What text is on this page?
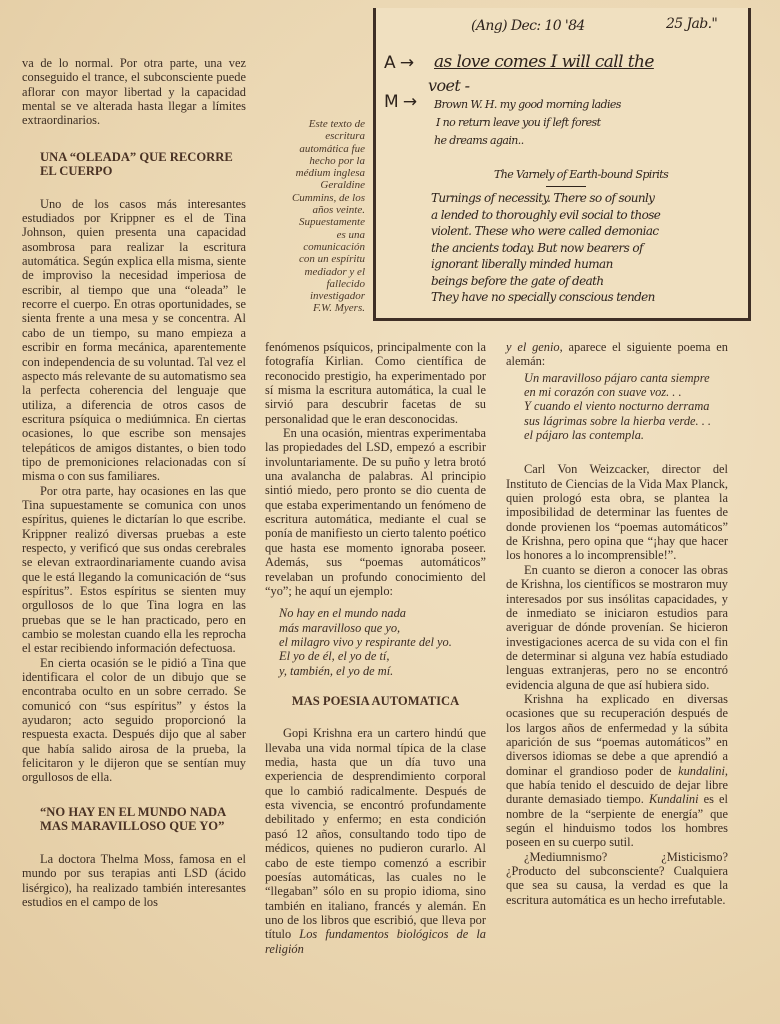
(Ang) Dec: 10 '84	25 Jab."
A → as love comes I will call the
voet -
M → Brown W. H. my good morning ladies
I no return leave you if left forest
he dreams again..
The Varnely of Earth-bound Spirits
Turnings of necessity. There so of sounly
a lended to thoroughly evil social to those
violent. These who were called demoniac
the ancients today. But now bearers of
ignorant liberally minded human
beings before the gate of death
They have no specially conscious tenden
Este texto de escritura automática fue hecho por la médium inglesa Geraldine Cummins, de los años veinte. Supuestamente es una comunicación con un espíritu mediador y el fallecido investigador F.W. Myers.

va de lo normal. Por otra parte, una vez conseguido el trance, el subconsciente puede aflorar con mayor libertad y la capacidad mental se ve alterada hasta llegar a límites extraordinarios.

UNA “OLEADA” QUE RECORRE EL CUERPO

Uno de los casos más interesantes estudiados por Krippner es el de Tina Johnson, quien presenta una capacidad asombrosa para realizar la escritura automática. Según explica ella misma, siente de improviso la necesidad imperiosa de escribir, al tiempo que una “oleada” le recorre el cuerpo. En otras oportunidades, se sienta frente a una mesa y se concentra. Al cabo de un tiempo, su mano empieza a escribir en forma mecánica, aparentemente con independencia de su voluntad. Tal vez el aspecto más relevante de su automatismo sea la perfecta coherencia del lenguaje que utiliza, a diferencia de otros casos de escritura psíquica o mediúmnica. En ciertas ocasiones, lo que escribe son mensajes telepáticos de amigos distantes, o bien todo tipo de premoniciones relacionadas con sí misma o con sus familiares.

Por otra parte, hay ocasiones en las que Tina supuestamente se comunica con unos espíritus, quienes le dictarían lo que escribe. Krippner realizó diversas pruebas a este respecto, y verificó que sus ondas cerebrales se elevan extraordinariamente cuando avisa que le está llegando la comunicación de “sus espíritus”. Estos espíritus se sienten muy orgullosos de lo que Tina logra en las pruebas que se le han practicado, pero en cambio se molestan cuando ella les reprocha el estar recibiendo información defectuosa.

En cierta ocasión se le pidió a Tina que identificara el color de un dibujo que se encontraba oculto en un sobre cerrado. Se comunicó con “sus espíritus” y éstos la ayudaron; acto seguido proporcionó la respuesta exacta. Después dijo que al saber que había salido airosa de la prueba, la felicitaron y le dijeron que se sentían muy orgullosos de ella.

“NO HAY EN EL MUNDO NADA MAS MARAVILLOSO QUE YO”

La doctora Thelma Moss, famosa en el mundo por sus terapias anti LSD (ácido lisérgico), ha realizado también interesantes estudios en el campo de los

fenómenos psíquicos, principalmente con la fotografía Kirlian. Como científica de reconocido prestigio, ha experimentado por sí misma la escritura automática, la cual le sirvió para descubrir facetas de su personalidad que le eran desconocidas.

En una ocasión, mientras experimentaba las propiedades del LSD, empezó a escribir involuntariamente. De su puño y letra brotó una avalancha de palabras. Al principio sintió miedo, pero pronto se dio cuenta de que estaba experimentando un fenómeno de escritura automática, mediante el cual se ponía de manifiesto un cierto talento poético que hasta ese momento ignoraba poseer. Además, sus “poemas automáticos” revelaban un profundo conocimiento del “yo”; he aquí un ejemplo:

No hay en el mundo nada
más maravilloso que yo,
el milagro vivo y respirante del yo.
El yo de él, el yo de tí,
y, también, el yo de mí.
MAS POESIA AUTOMATICA

Gopi Krishna era un cartero hindú que llevaba una vida normal típica de la clase media, hasta que un día tuvo una experiencia de desprendimiento corporal que lo cambió radicalmente. Después de esta vivencia, se encontró profundamente debilitado y enfermo; en esta condición pasó 12 años, consultando todo tipo de médicos, quienes no pudieron curarlo. Al cabo de este tiempo comenzó a escribir poesías automáticas, las cuales no le “llegaban” sólo en su propio idioma, sino también en italiano, francés y alemán. En uno de los libros que escribió, que lleva por título Los fundamentos biológicos de la religión

y el genio, aparece el siguiente poema en alemán:

Un maravilloso pájaro canta siempre
en mi corazón con suave voz. . .
Y cuando el viento nocturno derrama
sus lágrimas sobre la hierba verde. . .
el pájaro las contempla.

Carl Von Weizcacker, director del Instituto de Ciencias de la Vida Max Planck, quien prologó esta obra, se plantea la imposibilidad de determinar las fuentes de donde provienen los “poemas automáticos” de Krishna, pero opina que “¡hay que hacer los honores a lo incomprensible!”.

En cuanto se dieron a conocer las obras de Krishna, los científicos se mostraron muy interesados por sus insólitas capacidades, y de inmediato se iniciaron estudios para averiguar de dónde provenían. Se hicieron investigaciones acerca de su vida con el fin de determinar si alguna vez había estudiado lenguas extranjeras, pero no se encontró evidencia alguna de que así hubiera sido.

Krishna ha explicado en diversas ocasiones que su recuperación después de los largos años de enfermedad y la súbita aparición de sus “poemas automáticos” en diversos idiomas se debe a que aprendió a dominar el grandioso poder de kundalini, que había tenido el descuido de dejar libre durante demasiado tiempo. Kundalini es el nombre de la “serpiente de energía” que según el hinduismo todos los hombres poseen en su cuerpo sutil.

¿Mediumnismo? ¿Misticismo? ¿Producto del subconsciente? Cualquiera que sea su causa, la verdad es que la escritura automática es un hecho irrefutable.
